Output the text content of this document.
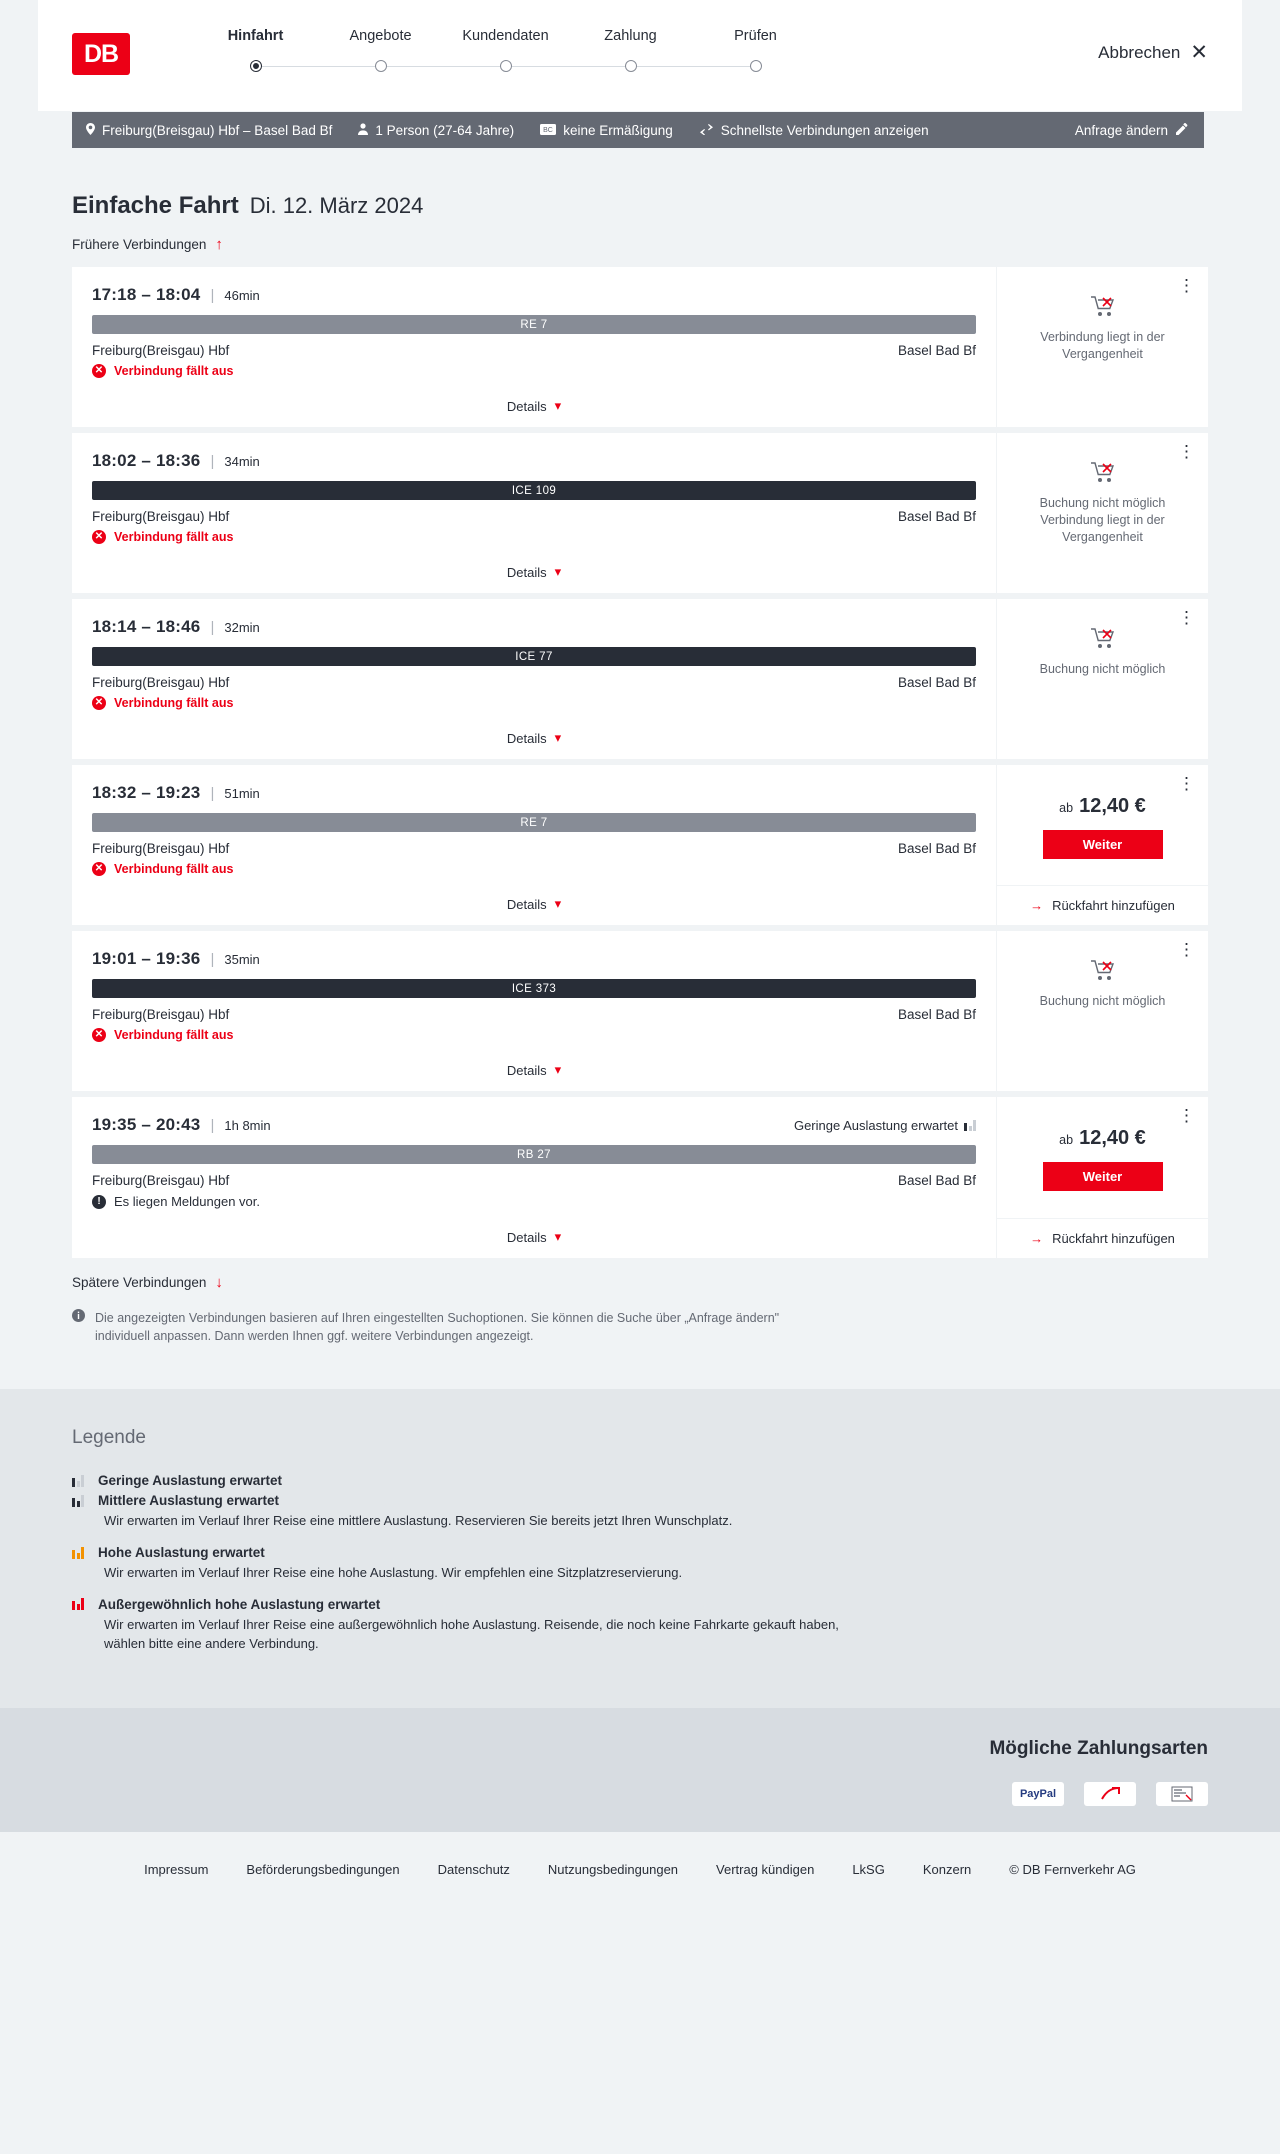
DB
Hinfahrt	Angebote	Kundendaten	Zahlung	Prüfen
Abbrechen ✕
Freiburg(Breisgau) Hbf – Basel Bad Bf	1 Person (27-64 Jahre)	BC keine Ermäßigung	Schnellste Verbindungen anzeigen	Anfrage ändern
Einfache Fahrt Di. 12. März 2024
Frühere Verbindungen ↑
17:18 – 18:04 | 46min
RE 7
Freiburg(Breisgau) Hbf	Basel Bad Bf
✕ Verbindung fällt aus
Details ▾
⋮
Verbindung liegt in der Vergangenheit
18:02 – 18:36 | 34min
ICE 109
Freiburg(Breisgau) Hbf	Basel Bad Bf
✕ Verbindung fällt aus
Details ▾
⋮
Buchung nicht möglich
Verbindung liegt in der Vergangenheit
18:14 – 18:46 | 32min
ICE 77
Freiburg(Breisgau) Hbf	Basel Bad Bf
✕ Verbindung fällt aus
Details ▾
⋮
Buchung nicht möglich
18:32 – 19:23 | 51min
RE 7
Freiburg(Breisgau) Hbf	Basel Bad Bf
✕ Verbindung fällt aus
Details ▾
⋮
ab 12,40 €
Weiter
→ Rückfahrt hinzufügen
19:01 – 19:36 | 35min
ICE 373
Freiburg(Breisgau) Hbf	Basel Bad Bf
✕ Verbindung fällt aus
Details ▾
⋮
Buchung nicht möglich
19:35 – 20:43 | 1h 8min	Geringe Auslastung erwartet
RB 27
Freiburg(Breisgau) Hbf	Basel Bad Bf
!	Es liegen Meldungen vor.
Details ▾
⋮
ab 12,40 €
Weiter
→ Rückfahrt hinzufügen
Spätere Verbindungen ↓
Die angezeigten Verbindungen basieren auf Ihren eingestellten Suchoptionen. Sie können die Suche über „Anfrage ändern" individuell anpassen. Dann werden Ihnen ggf. weitere Verbindungen angezeigt.
Legende
Geringe Auslastung erwartet
Mittlere Auslastung erwartet
Wir erwarten im Verlauf Ihrer Reise eine mittlere Auslastung. Reservieren Sie bereits jetzt Ihren Wunschplatz.
Hohe Auslastung erwartet
Wir erwarten im Verlauf Ihrer Reise eine hohe Auslastung. Wir empfehlen eine Sitzplatzreservierung.
Außergewöhnlich hohe Auslastung erwartet
Wir erwarten im Verlauf Ihrer Reise eine außergewöhnlich hohe Auslastung. Reisende, die noch keine Fahrkarte gekauft haben, wählen bitte eine andere Verbindung.
Mögliche Zahlungsarten
PayPal
Impressum	Beförderungsbedingungen	Datenschutz	Nutzungsbedingungen	Vertrag kündigen	LkSG	Konzern	© DB Fernverkehr AG
